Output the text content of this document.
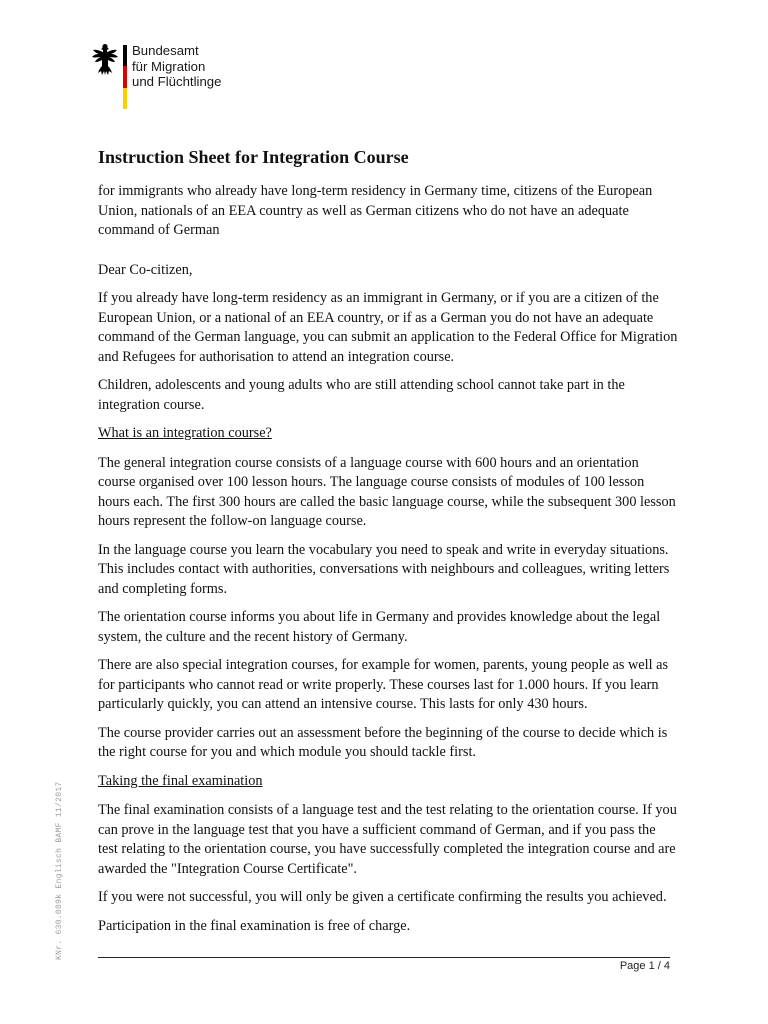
Bundesamt
für Migration
und Flüchtlinge
Instruction Sheet for Integration Course

for immigrants who already have long-term residency in Germany time, citizens of the European Union, nationals of an EEA country as well as German citizens who do not have an adequate command of German

Dear Co-citizen,

If you already have long-term residency as an immigrant in Germany, or if you are a citizen of the European Union, or a national of an EEA country, or if as a German you do not have an adequate command of the German language, you can submit an application to the Federal Office for Migration and Refugees for authorisation to attend an integration course.

Children, adolescents and young adults who are still attending school cannot take part in the integration course.

What is an integration course?

The general integration course consists of a language course with 600 hours and an orientation course organised over 100 lesson hours. The language course consists of modules of 100 lesson hours each. The first 300 hours are called the basic language course, while the subsequent 300 lesson hours represent the follow-on language course.

In the language course you learn the vocabulary you need to speak and write in everyday situations. This includes contact with authorities, conversations with neighbours and colleagues, writing letters and completing forms.

The orientation course informs you about life in Germany and provides knowledge about the legal system, the culture and the recent history of Germany.

There are also special integration courses, for example for women, parents, young people as well as for participants who cannot read or write properly. These courses last for 1.000 hours. If you learn particularly quickly, you can attend an intensive course. This lasts for only 430 hours.

The course provider carries out an assessment before the beginning of the course to decide which is the right course for you and which module you should tackle first.

Taking the final examination

The final examination consists of a language test and the test relating to the orientation course. If you can prove in the language test that you have a sufficient command of German, and if you pass the test relating to the orientation course, you have successfully completed the integration course and are awarded the "Integration Course Certificate".

If you were not successful, you will only be given a certificate confirming the results you achieved.

Participation in the final examination is free of charge.

KNr. 630.009k Englisch BAMF 11/2017
Page 1 / 4
